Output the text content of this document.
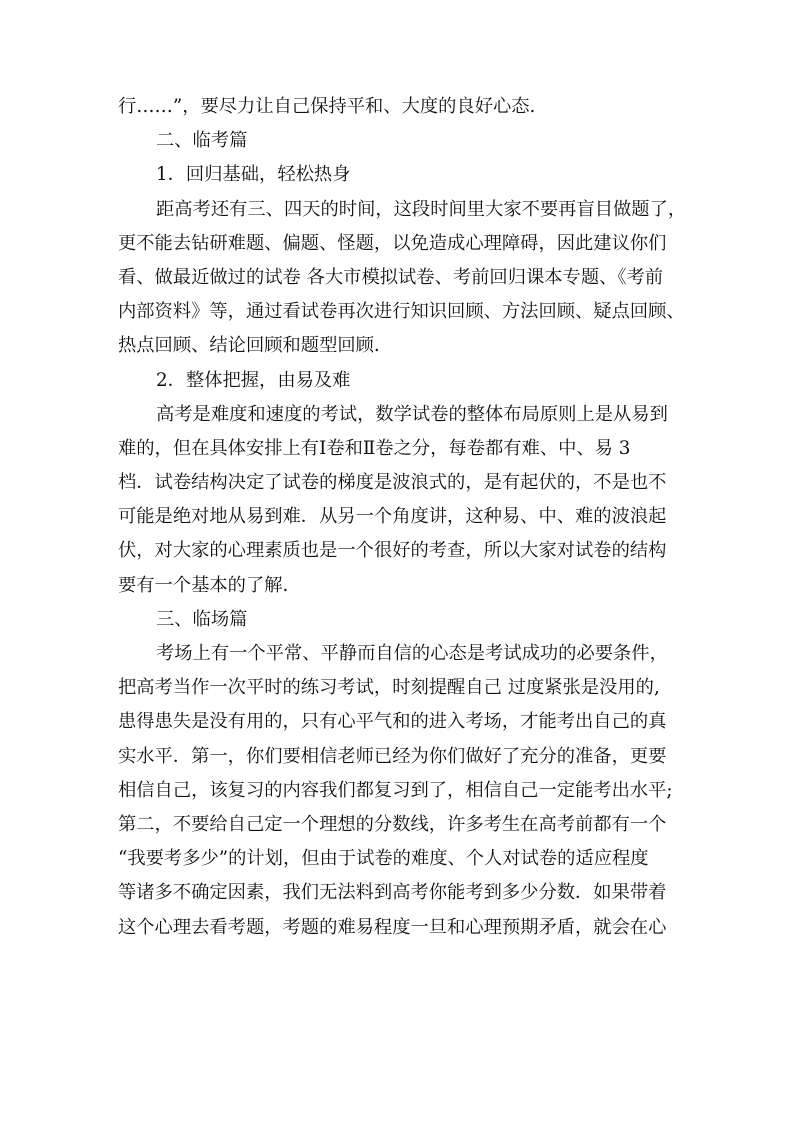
行……”，要尽力让自己保持平和、大度的良好心态.
二、临考篇
1．回归基础，轻松热身
距高考还有三、四天的时间，这段时间里大家不要再盲目做题了，
更不能去钻研难题、偏题、怪题，以免造成心理障碍，因此建议你们
看、做最近做过的试卷 各大市模拟试卷、考前回归课本专题、《考前
内部资料》等，通过看试卷再次进行知识回顾、方法回顾、疑点回顾、
热点回顾、结论回顾和题型回顾.
2．整体把握，由易及难
高考是难度和速度的考试，数学试卷的整体布局原则上是从易到
难的，但在具体安排上有Ⅰ卷和Ⅱ卷之分，每卷都有难、中、易 3
档．试卷结构决定了试卷的梯度是波浪式的，是有起伏的，不是也不
可能是绝对地从易到难．从另一个角度讲，这种易、中、难的波浪起
伏，对大家的心理素质也是一个很好的考查，所以大家对试卷的结构
要有一个基本的了解.
三、临场篇
考场上有一个平常、平静而自信的心态是考试成功的必要条件，
把高考当作一次平时的练习考试，时刻提醒自己 过度紧张是没用的,
患得患失是没有用的，只有心平气和的进入考场，才能考出自己的真
实水平．第一，你们要相信老师已经为你们做好了充分的准备，更要
相信自己，该复习的内容我们都复习到了，相信自己一定能考出水平;
第二，不要给自己定一个理想的分数线，许多考生在高考前都有一个
“我要考多少”的计划，但由于试卷的难度、个人对试卷的适应程度
等诸多不确定因素，我们无法料到高考你能考到多少分数．如果带着
这个心理去看考题，考题的难易程度一旦和心理预期矛盾，就会在心
